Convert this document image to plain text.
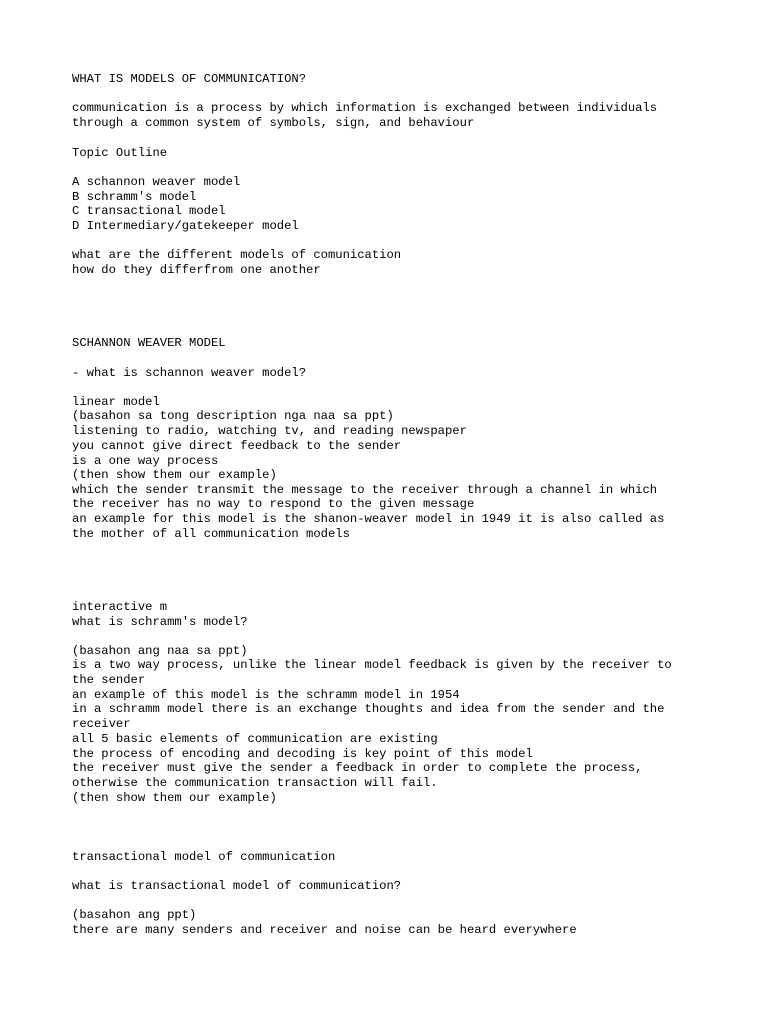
WHAT IS MODELS OF COMMUNICATION?

communication is a process by which information is exchanged between individuals

through a common system of symbols, sign, and behaviour

Topic Outline

A schannon weaver model

B schramm's model

C transactional model

D Intermediary/gatekeeper model

what are the different models of comunication

how do they differfrom one another

SCHANNON WEAVER MODEL

- what is schannon weaver model?

linear model

(basahon sa tong description nga naa sa ppt)

listening to radio, watching tv, and reading newspaper

you cannot give direct feedback to the sender

is a one way process

(then show them our example)

which the sender transmit the message to the receiver through a channel in which

the receiver has no way to respond to the given message

an example for this model is the shanon-weaver model in 1949 it is also called as

the mother of all communication models

interactive m

what is schramm's model?

(basahon ang naa sa ppt)

is a two way process, unlike the linear model feedback is given by the receiver to

the sender

an example of this model is the schramm model in 1954

in a schramm model there is an exchange thoughts and idea from the sender and the

receiver

all 5 basic elements of communication are existing

the process of encoding and decoding is key point of this model

the receiver must give the sender a feedback in order to complete the process,

otherwise the communication transaction will fail.

(then show them our example)

transactional model of communication

what is transactional model of communication?

(basahon ang ppt)

there are many senders and receiver and noise can be heard everywhere
